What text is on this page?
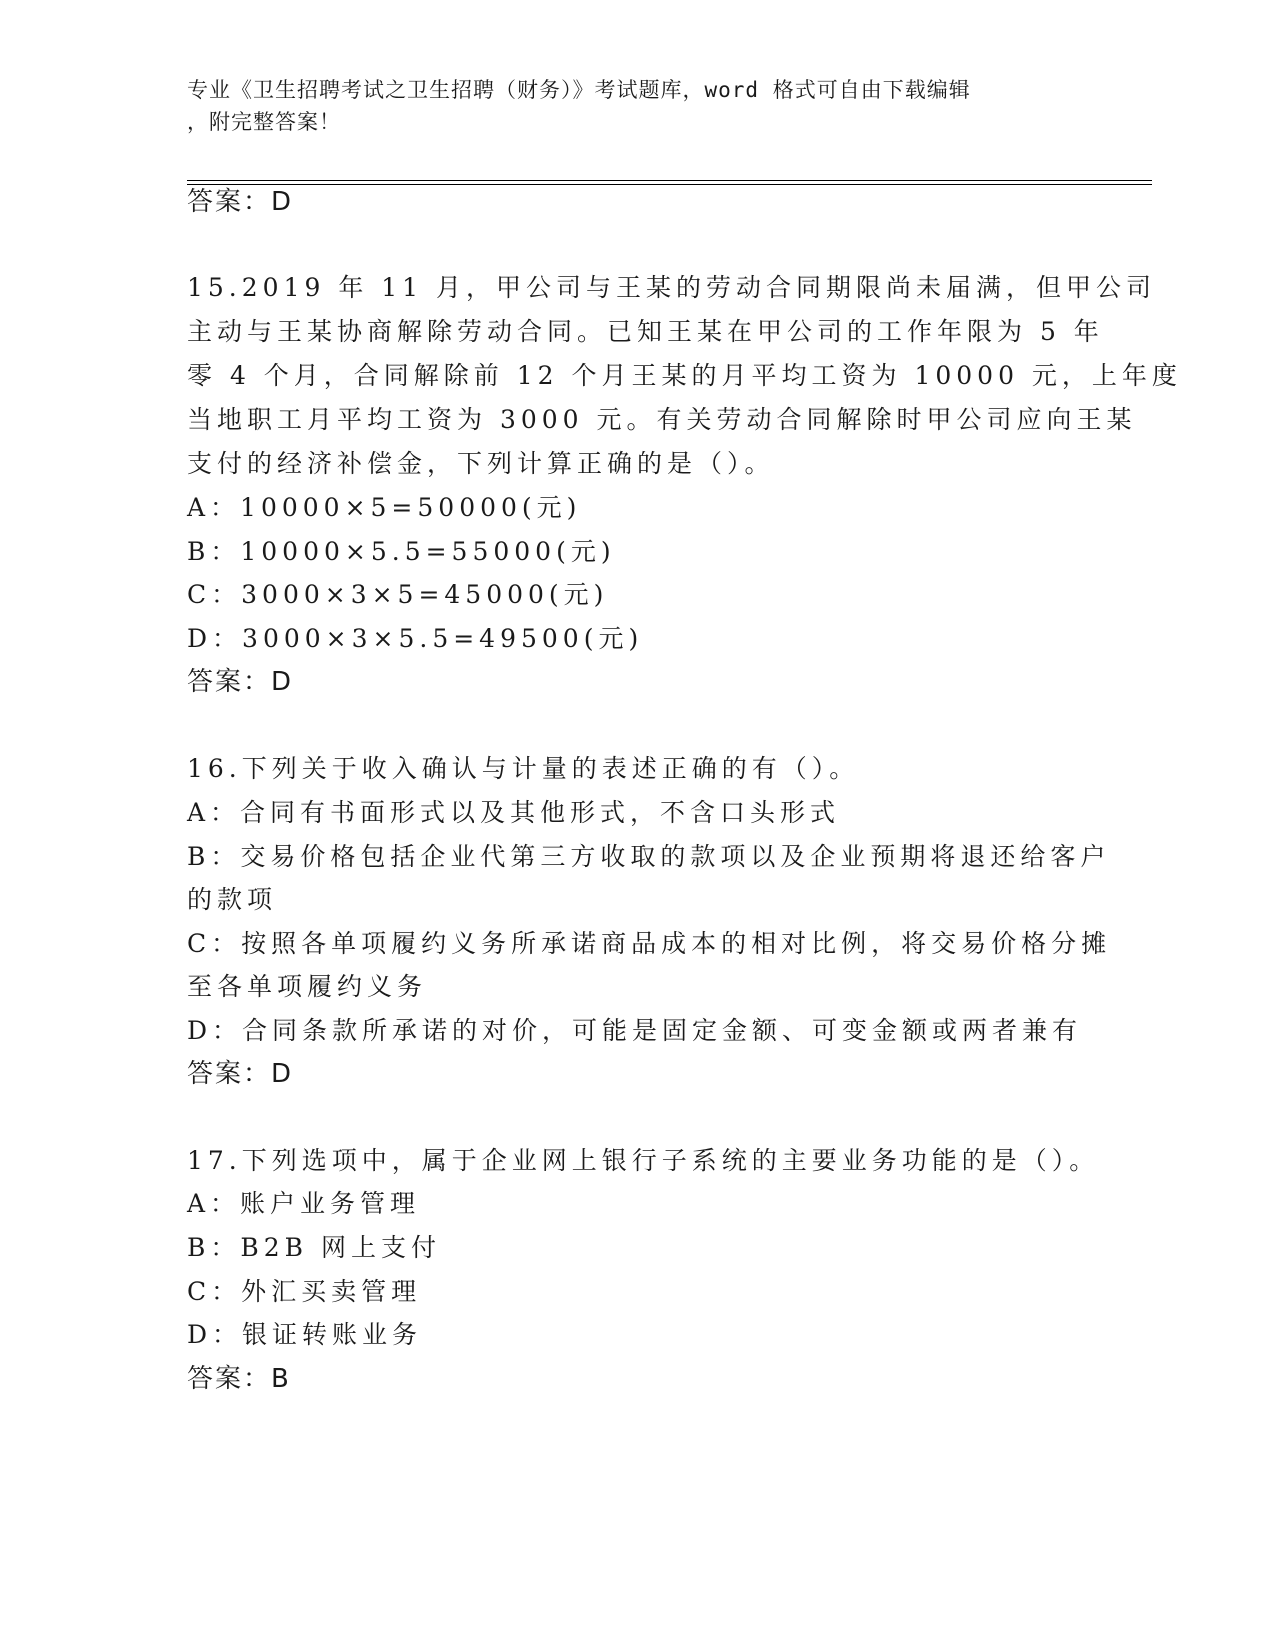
专业《卫生招聘考试之卫生招聘（财务）》考试题库，word 格式可自由下载编辑
，附完整答案！
答案：D
15.2019 年 11 月，甲公司与王某的劳动合同期限尚未届满，但甲公司
主动与王某协商解除劳动合同。已知王某在甲公司的工作年限为 5 年
零 4 个月，合同解除前 12 个月王某的月平均工资为 10000 元，上年度
当地职工月平均工资为 3000 元。有关劳动合同解除时甲公司应向王某
支付的经济补偿金，下列计算正确的是（）。
A：10000×5=50000(元)
B：10000×5.5=55000(元)
C：3000×3×5=45000(元)
D：3000×3×5.5=49500(元)
答案：D
16.下列关于收入确认与计量的表述正确的有（）。
A：合同有书面形式以及其他形式，不含口头形式
B：交易价格包括企业代第三方收取的款项以及企业预期将退还给客户
的款项
C：按照各单项履约义务所承诺商品成本的相对比例，将交易价格分摊
至各单项履约义务
D：合同条款所承诺的对价，可能是固定金额、可变金额或两者兼有
答案：D
17.下列选项中，属于企业网上银行子系统的主要业务功能的是（）。
A：账户业务管理
B：B2B 网上支付
C：外汇买卖管理
D：银证转账业务
答案：B
